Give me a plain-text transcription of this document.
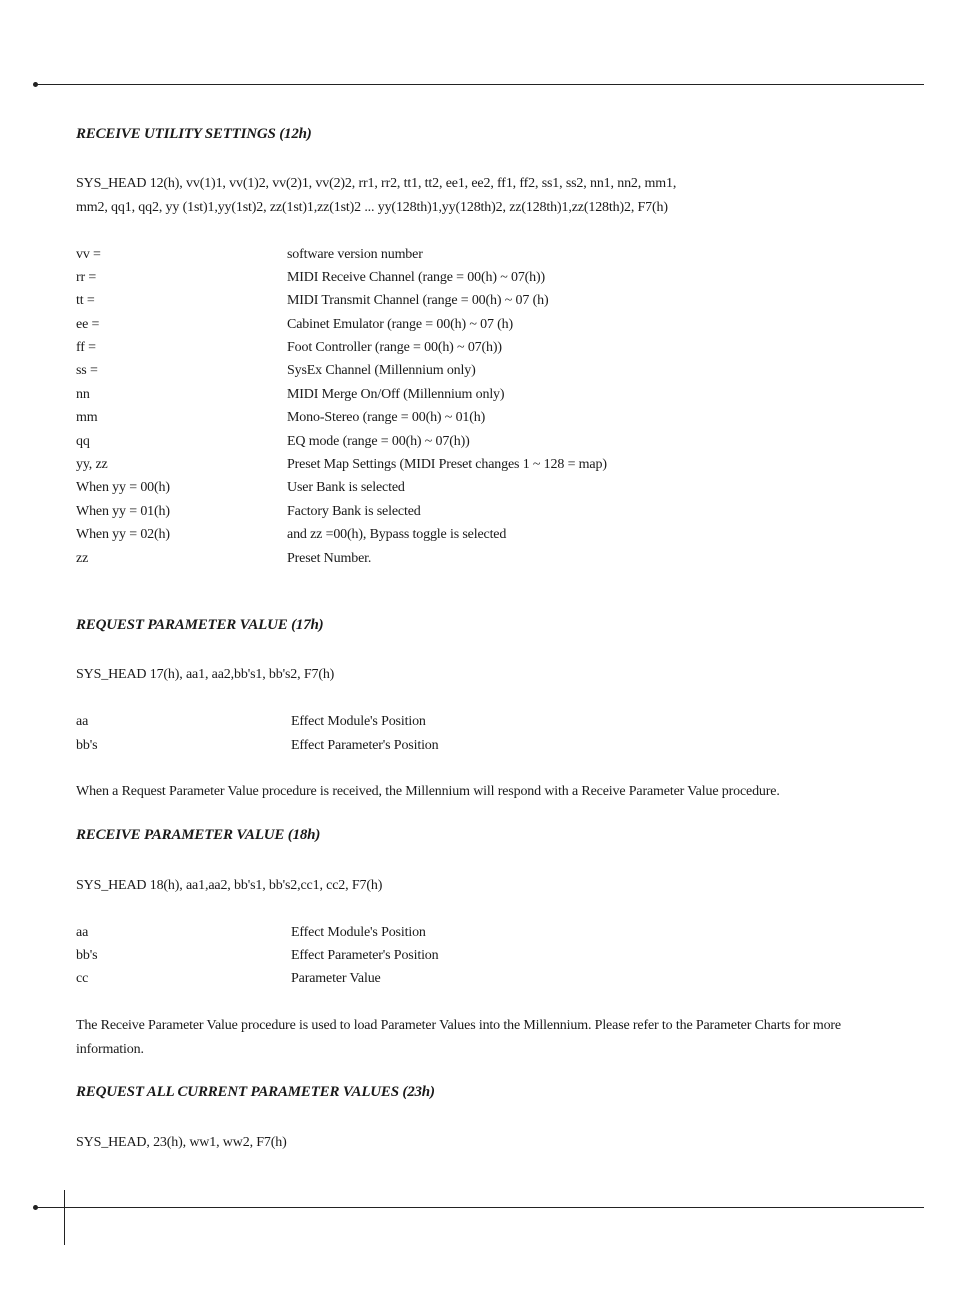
RECEIVE UTILITY SETTINGS (12h)
SYS_HEAD 12(h), vv(1)1, vv(1)2, vv(2)1, vv(2)2, rr1, rr2, tt1, tt2, ee1, ee2, ff1, ff2, ss1, ss2, nn1, nn2, mm1,
mm2, qq1, qq2, yy (1st)1,yy(1st)2, zz(1st)1,zz(1st)2 ... yy(128th)1,yy(128th)2, zz(128th)1,zz(128th)2, F7(h)
vv =	software version number
rr =	MIDI Receive Channel (range = 00(h) ~ 07(h))
tt =	MIDI Transmit Channel (range = 00(h) ~ 07 (h)
ee =	Cabinet Emulator (range = 00(h) ~ 07 (h)
ff =	Foot Controller (range = 00(h) ~ 07(h))
ss =	SysEx Channel (Millennium only)
nn	MIDI Merge On/Off (Millennium only)
mm	Mono-Stereo (range = 00(h) ~ 01(h)
qq	EQ mode (range = 00(h) ~ 07(h))
yy, zz	Preset Map Settings (MIDI Preset changes 1 ~ 128 = map)
When yy = 00(h)	User Bank is selected
When yy = 01(h)	Factory Bank is selected
When yy = 02(h)	and zz =00(h), Bypass toggle is selected
zz	Preset Number.
REQUEST PARAMETER VALUE (17h)
SYS_HEAD 17(h), aa1, aa2,bb's1, bb's2, F7(h)
aa	Effect Module's Position
bb's	Effect Parameter's Position
When a Request Parameter Value procedure is received, the Millennium will respond with a Receive Parameter Value procedure.
RECEIVE PARAMETER VALUE (18h)
SYS_HEAD 18(h), aa1,aa2, bb's1, bb's2,cc1, cc2, F7(h)
aa	Effect Module's Position
bb's	Effect Parameter's Position
cc	Parameter Value
The Receive Parameter Value procedure is used to load Parameter Values into the Millennium. Please refer to the Parameter Charts for more
information.
REQUEST ALL CURRENT PARAMETER VALUES (23h)
SYS_HEAD, 23(h), ww1, ww2, F7(h)
